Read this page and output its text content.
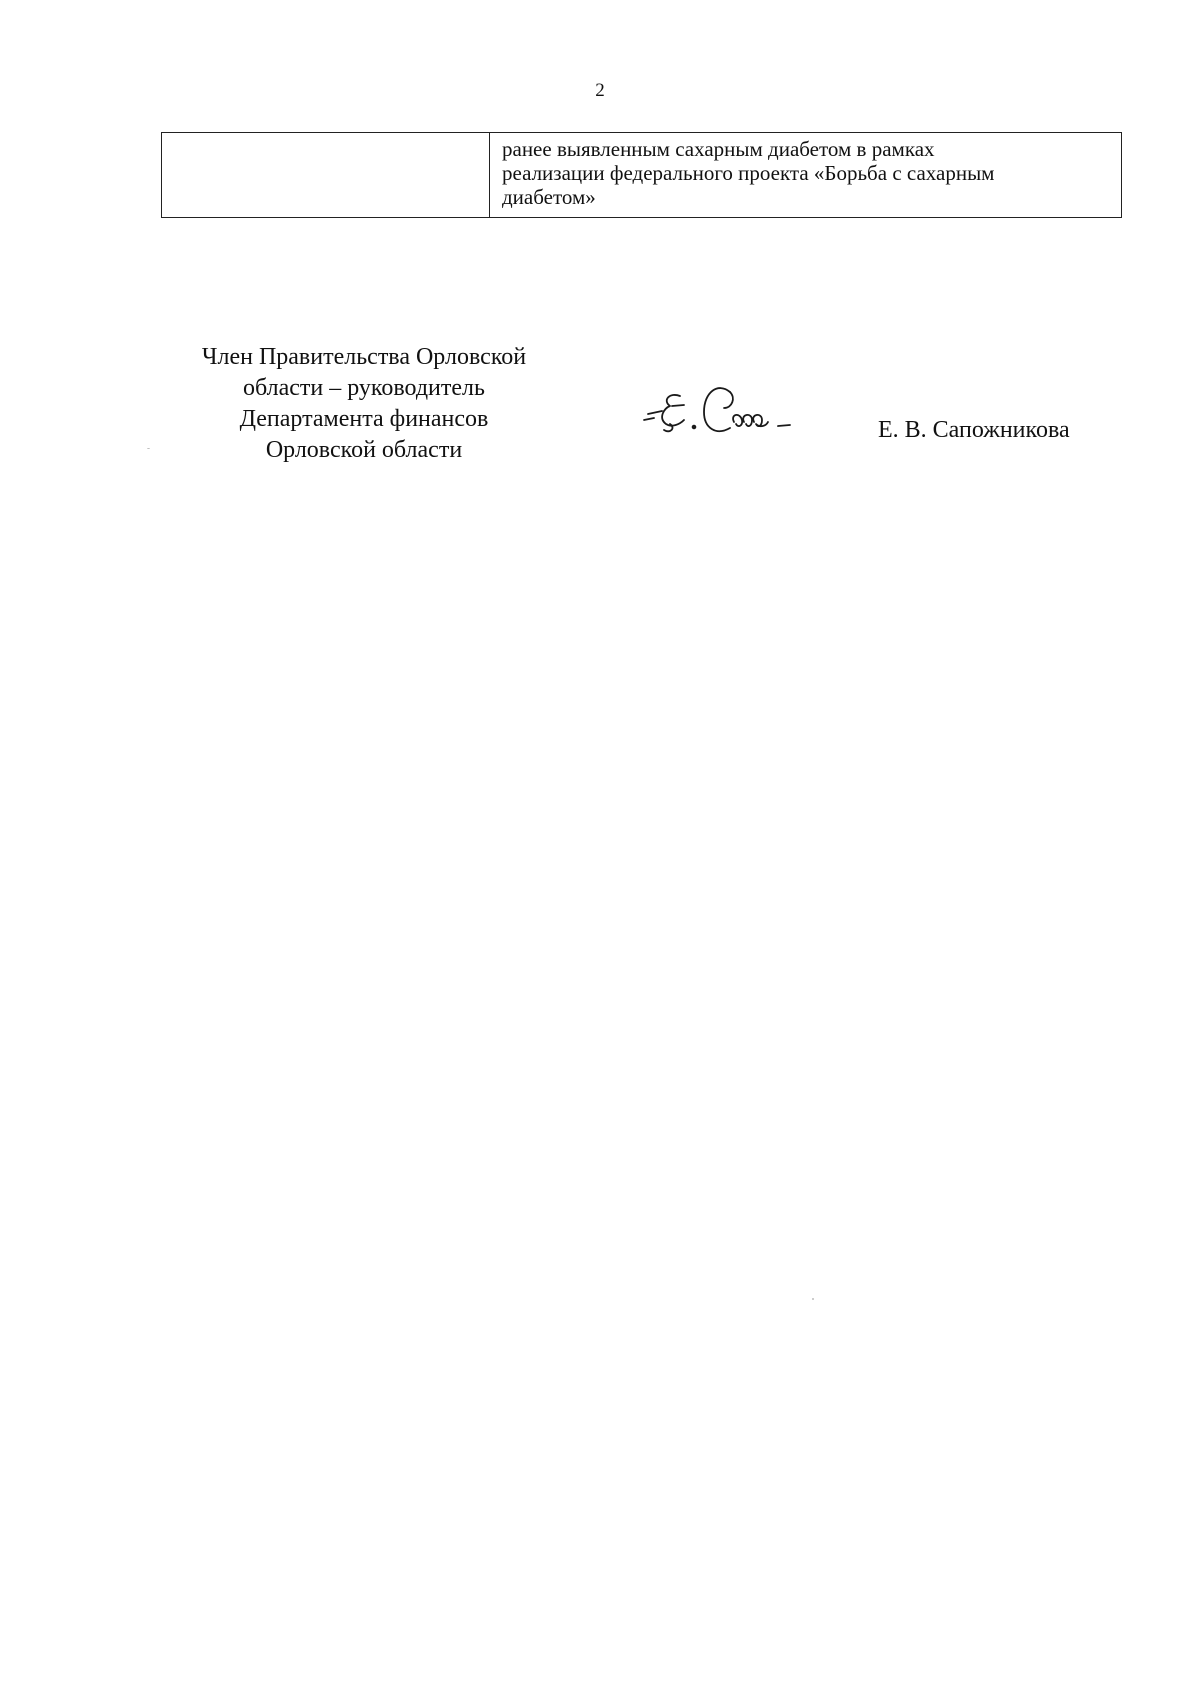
2

ранее выявленным сахарным диабетом в рамках
реализации федерального проекта «Борьба с сахарным
диабетом»
Член Правительства Орловской
области – руководитель
Департамента финансов
Орловской области
Е. В. Сапожникова
